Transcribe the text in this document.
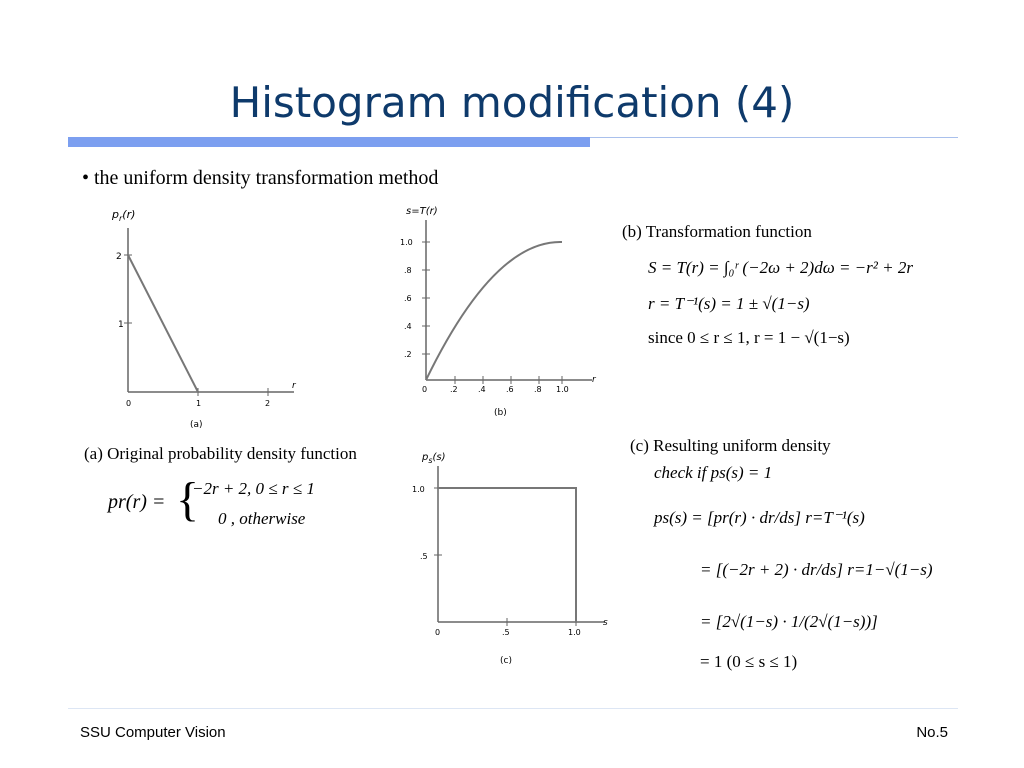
Histogram modification (4)
• the uniform density transformation method
$p_r(r)$
2
1
0	1	2
r
(a)
s=T(r)
1.0
.8
.6
.4
.2
0	.2	.4	.6	.8 1.0
r
(b)
$p_s(s)$
1.0
.5
0	.5	1.0
s
(c)
(b) Transformation function
S = T(r) = ∫₀ʳ (−2ω + 2)dω = −r² + 2r
r = T⁻¹(s) = 1 ± √(1−s)
since 0 ≤ r ≤ 1, r = 1 − √(1−s)
(a) Original probability density function
pr(r) = {
−2r + 2, 0 ≤ r ≤ 1
0 , otherwise
(c) Resulting uniform density
check if ps(s) = 1
ps(s) = [pr(r) · dr/ds] r=T⁻¹(s)
= [(−2r + 2) · dr/ds] r=1−√(1−s)
= [2√(1−s) · 1/(2√(1−s))]
= 1 (0 ≤ s ≤ 1)
SSU Computer Vision	No.5
